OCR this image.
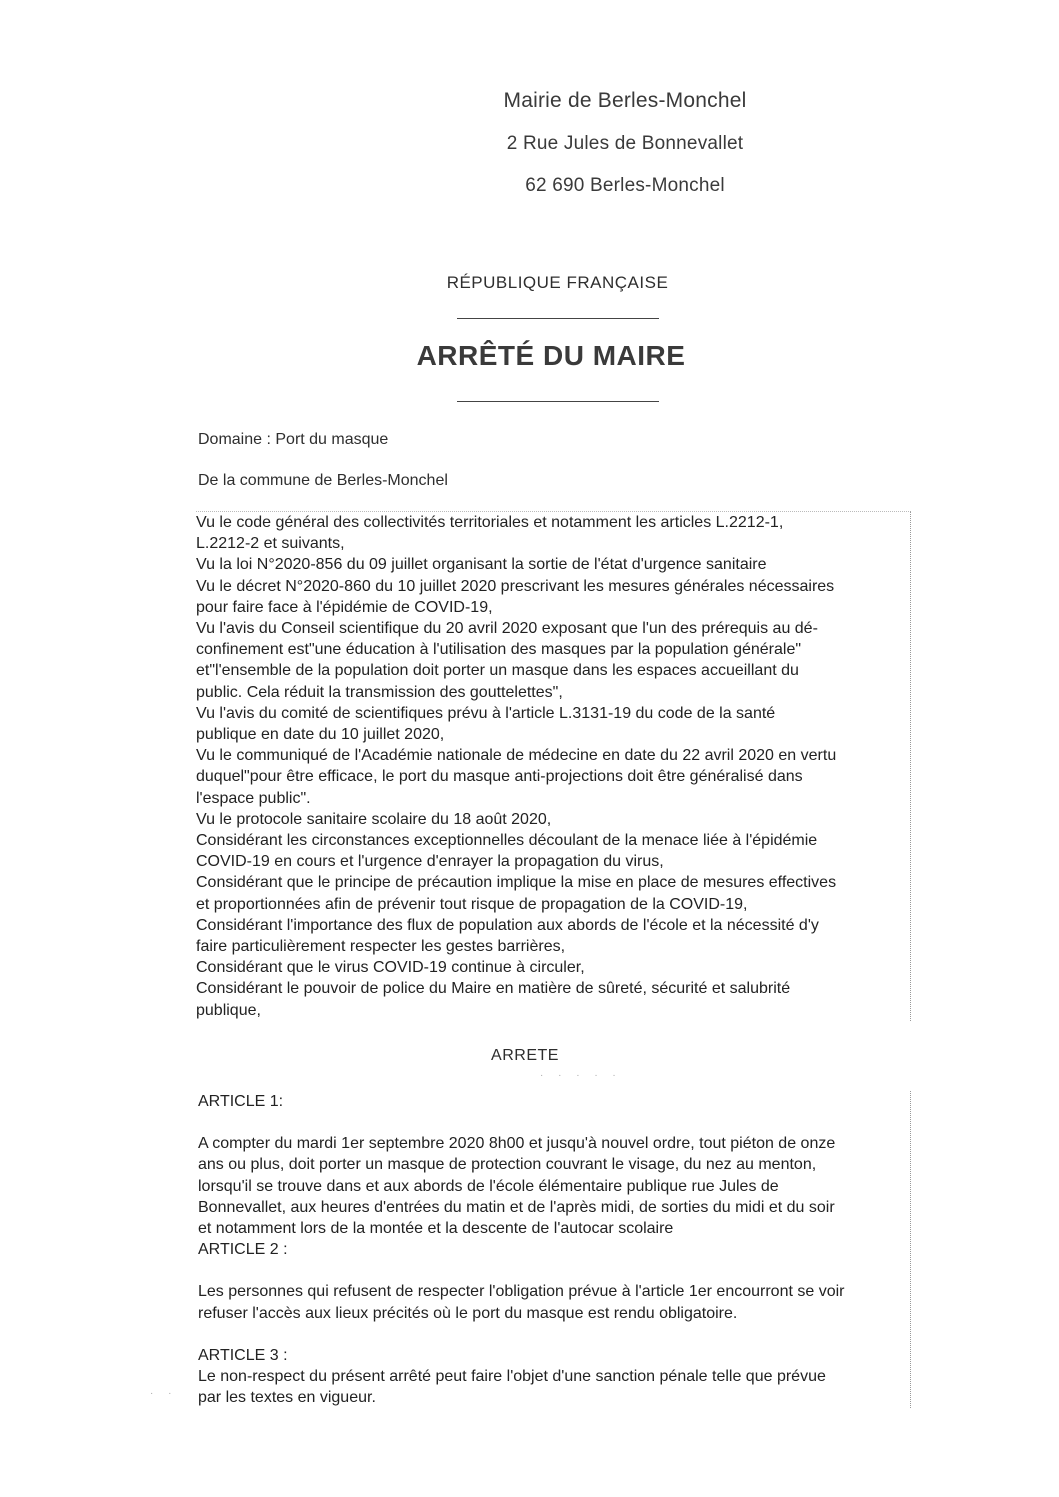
Mairie de Berles-Monchel
2 Rue Jules de Bonnevallet
62 690 Berles-Monchel
RÉPUBLIQUE FRANÇAISE
ARRÊTÉ DU MAIRE
Domaine : Port du masque
De la commune de Berles-Monchel
Vu le code général des collectivités territoriales et notamment les articles L.2212-1,
L.2212-2 et suivants,
Vu la loi N°2020-856 du 09 juillet organisant la sortie de l'état d'urgence sanitaire
Vu le décret N°2020-860 du 10 juillet 2020 prescrivant les mesures générales nécessaires
pour faire face à l'épidémie de COVID-19,
Vu l'avis du Conseil scientifique du 20 avril 2020 exposant que l'un des prérequis au dé-
confinement est"une éducation à l'utilisation des masques par la population générale"
et"l'ensemble de la population doit porter un masque dans les espaces accueillant du
public. Cela réduit la transmission des gouttelettes",
Vu l'avis du comité de scientifiques prévu à l'article L.3131-19 du code de la santé
publique en date du 10 juillet 2020,
Vu le communiqué de l'Académie nationale de médecine en date du 22 avril 2020 en vertu
duquel"pour être efficace, le port du masque anti-projections doit être généralisé dans
l'espace public".
Vu le protocole sanitaire scolaire du 18 août 2020,
Considérant les circonstances exceptionnelles découlant de la menace liée à l'épidémie
COVID-19 en cours et l'urgence d'enrayer la propagation du virus,
Considérant que le principe de précaution implique la mise en place de mesures effectives
et proportionnées afin de prévenir tout risque de propagation de la COVID-19,
Considérant l'importance des flux de population aux abords de l'école et la nécessité d'y
faire particulièrement respecter les gestes barrières,
Considérant que le virus COVID-19 continue à circuler,
Considérant le pouvoir de police du Maire en matière de sûreté, sécurité et salubrité
publique,
ARRETE
ARTICLE 1:
A compter du mardi 1er septembre 2020 8h00 et jusqu'à nouvel ordre, tout piéton de onze
ans ou plus, doit porter un masque de protection couvrant le visage, du nez au menton,
lorsqu'il se trouve dans et aux abords de l'école élémentaire publique rue Jules de
Bonnevallet, aux heures d'entrées du matin et de l'après midi, de sorties du midi et du soir
et notamment lors de la montée et la descente de l'autocar scolaire
ARTICLE 2 :
Les personnes qui refusent de respecter l'obligation prévue à l'article 1er encourront se voir
refuser l'accès aux lieux précités où le port du masque est rendu obligatoire.
ARTICLE 3 :
Le non-respect du présent arrêté peut faire l'objet d'une sanction pénale telle que prévue
par les textes en vigueur.
· ·
· · · · ·
